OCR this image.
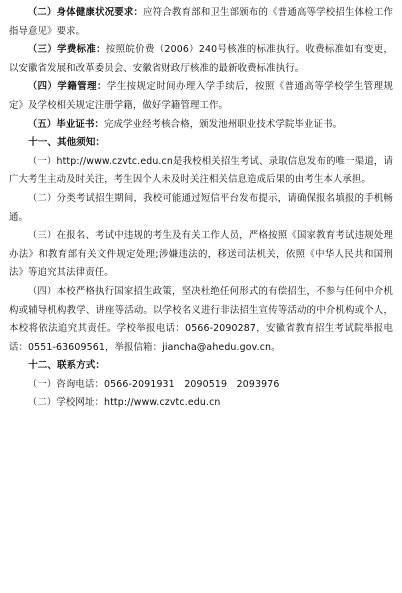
（二）身体健康状况要求：应符合教育部和卫生部颁布的《普通高等学校招生体检工作指导意见》要求。

（三）学费标准：按照皖价费（2006）240号核准的标准执行。收费标准如有变更，以安徽省发展和改革委员会、安徽省财政厅核准的最新收费标准执行。

（四）学籍管理：学生按规定时间办理入学手续后，按照《普通高等学校学生管理规定》及学校相关规定注册学籍，做好学籍管理工作。

（五）毕业证书：完成学业经考核合格，颁发池州职业技术学院毕业证书。

十一、其他须知：

（一）http://www.czvtc.edu.cn是我校相关招生考试、录取信息发布的唯一渠道，请广大考生主动及时关注，考生因个人未及时关注相关信息造成后果的由考生本人承担。

（二）分类考试招生期间，我校可能通过短信平台发布提示，请确保报名填报的手机畅通。

（三）在报名、考试中违规的考生及有关工作人员，严格按照《国家教育考试违规处理办法》和教育部有关文件规定处理;涉嫌违法的，移送司法机关，依照《中华人民共和国刑法》等追究其法律责任。

（四）本校严格执行国家招生政策，坚决杜绝任何形式的有偿招生，不参与任何中介机构或辅导机构教学、讲座等活动。以学校名义进行非法招生宣传等活动的中介机构或个人，本校将依法追究其责任。学校举报电话：0566-2090287，安徽省教育招生考试院举报电话：0551-63609561，举报信箱：jiancha@ahedu.gov.cn。

十二、联系方式：

（一）咨询电话：0566-2091931　2090519　2093976

（二）学校网址：http://www.czvtc.edu.cn
